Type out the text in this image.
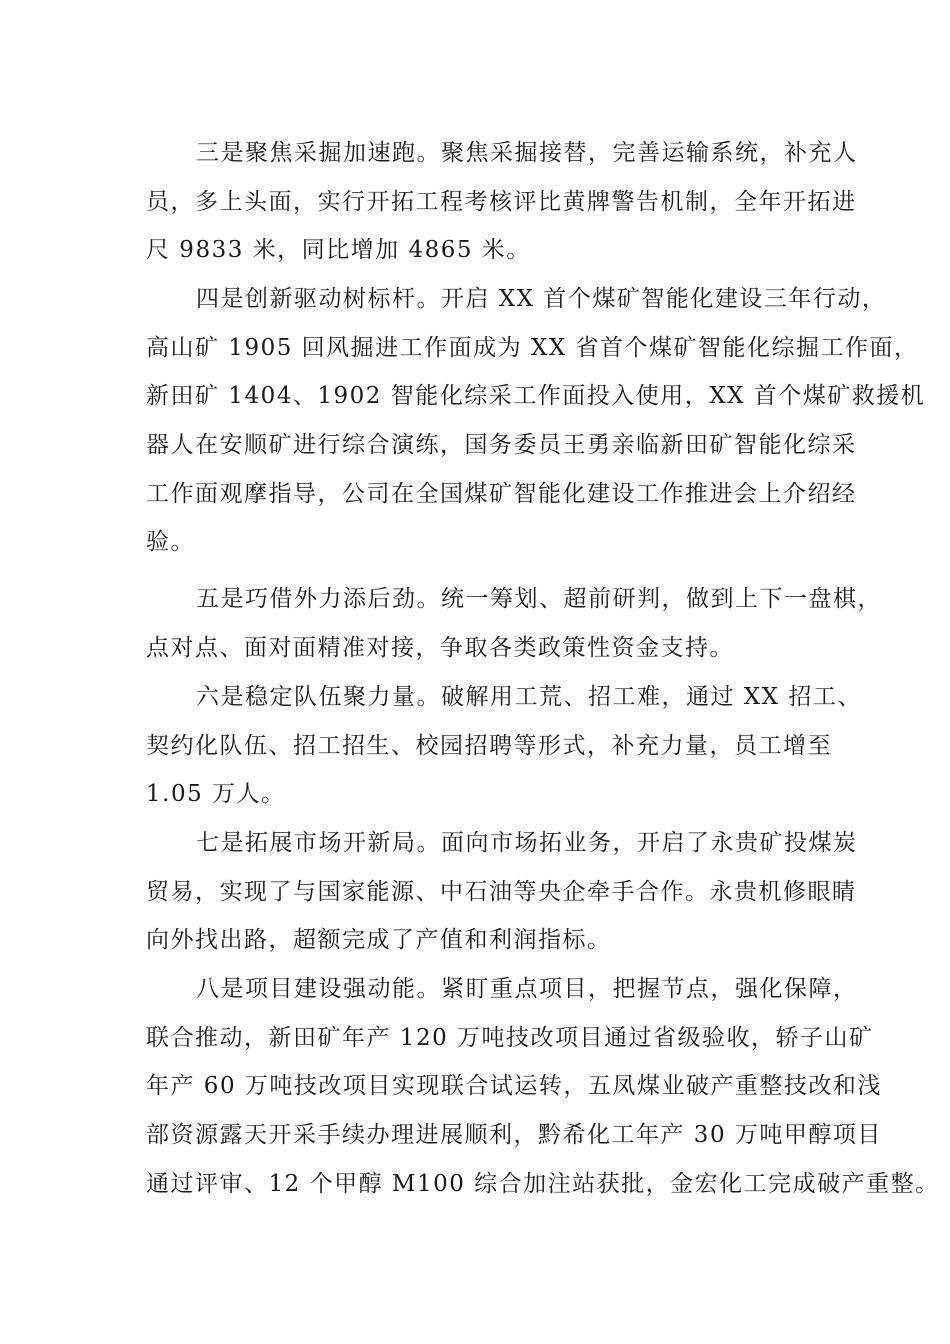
三是聚焦采掘加速跑。聚焦采掘接替，完善运输系统，补充人

员，多上头面，实行开拓工程考核评比黄牌警告机制，全年开拓进

尺 9833 米，同比增加 4865 米。

四是创新驱动树标杆。开启 XX 首个煤矿智能化建设三年行动，

高山矿 1905 回风掘进工作面成为 XX 省首个煤矿智能化综掘工作面，

新田矿 1404、1902 智能化综采工作面投入使用，XX 首个煤矿救援机

器人在安顺矿进行综合演练，国务委员王勇亲临新田矿智能化综采

工作面观摩指导，公司在全国煤矿智能化建设工作推进会上介绍经

验。

五是巧借外力添后劲。统一筹划、超前研判，做到上下一盘棋，

点对点、面对面精准对接，争取各类政策性资金支持。

六是稳定队伍聚力量。破解用工荒、招工难，通过 XX 招工、

契约化队伍、招工招生、校园招聘等形式，补充力量，员工增至

1.05 万人。

七是拓展市场开新局。面向市场拓业务，开启了永贵矿投煤炭

贸易，实现了与国家能源、中石油等央企牵手合作。永贵机修眼睛

向外找出路，超额完成了产值和利润指标。

八是项目建设强动能。紧盯重点项目，把握节点，强化保障，

联合推动，新田矿年产 120 万吨技改项目通过省级验收，轿子山矿

年产 60 万吨技改项目实现联合试运转，五凤煤业破产重整技改和浅

部资源露天开采手续办理进展顺利，黔希化工年产 30 万吨甲醇项目

通过评审、12 个甲醇 M100 综合加注站获批，金宏化工完成破产重整。
